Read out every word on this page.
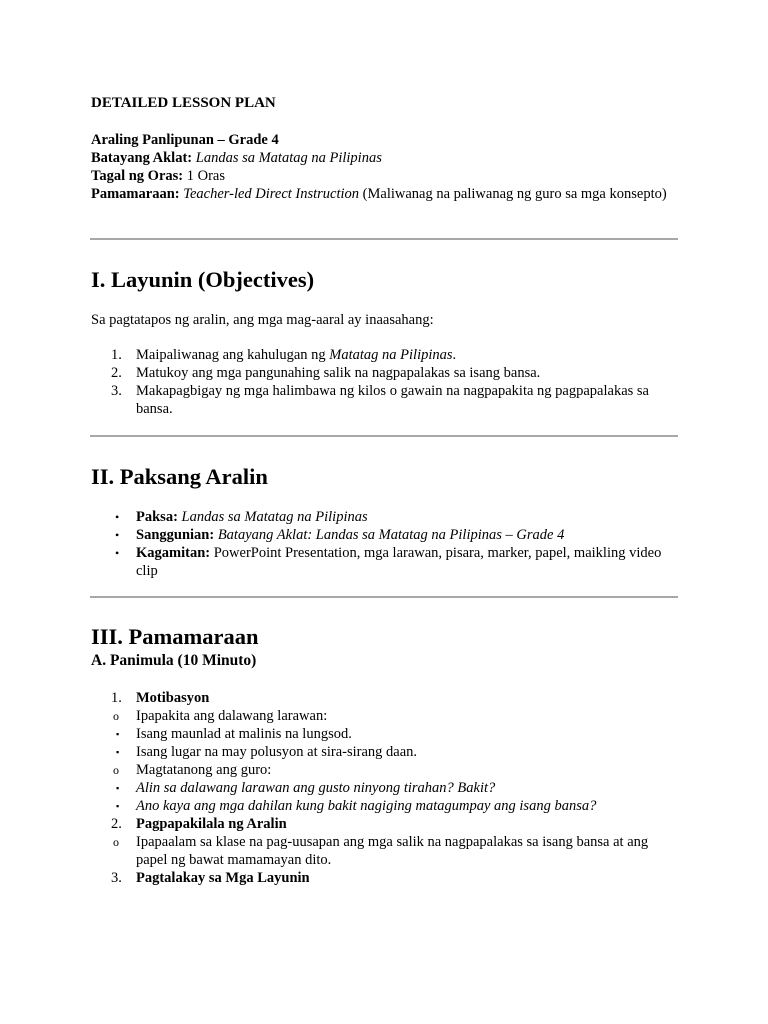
DETAILED LESSON PLAN

Araling Panlipunan – Grade 4
Batayang Aklat: Landas sa Matatag na Pilipinas
Tagal ng Oras: 1 Oras
Pamamaraan: Teacher-led Direct Instruction (Maliwanag na paliwanag ng guro sa mga konsepto)
I. Layunin (Objectives)

Sa pagtatapos ng aralin, ang mga mag-aaral ay inaasahang:

1. Maipaliwanag ang kahulugan ng Matatag na Pilipinas.
2. Matukoy ang mga pangunahing salik na nagpapalakas sa isang bansa.
3. Makapagbigay ng mga halimbawa ng kilos o gawain na nagpapakita ng pagpapalakas sa bansa.
II. Paksang Aralin
• Paksa: Landas sa Matatag na Pilipinas
• Sanggunian: Batayang Aklat: Landas sa Matatag na Pilipinas – Grade 4
• Kagamitan: PowerPoint Presentation, mga larawan, pisara, marker, papel, maikling video clip
III. Pamamaraan
A. Panimula (10 Minuto)
1. Motibasyon
o Ipapakita ang dalawang larawan:
▪ Isang maunlad at malinis na lungsod.
▪ Isang lugar na may polusyon at sira-sirang daan.
o Magtatanong ang guro:
▪ Alin sa dalawang larawan ang gusto ninyong tirahan? Bakit?
▪ Ano kaya ang mga dahilan kung bakit nagiging matagumpay ang isang bansa?
2. Pagpapakilala ng Aralin
o Ipapaalam sa klase na pag-uusapan ang mga salik na nagpapalakas sa isang bansa at ang papel ng bawat mamamayan dito.
3. Pagtalakay sa Mga Layunin
